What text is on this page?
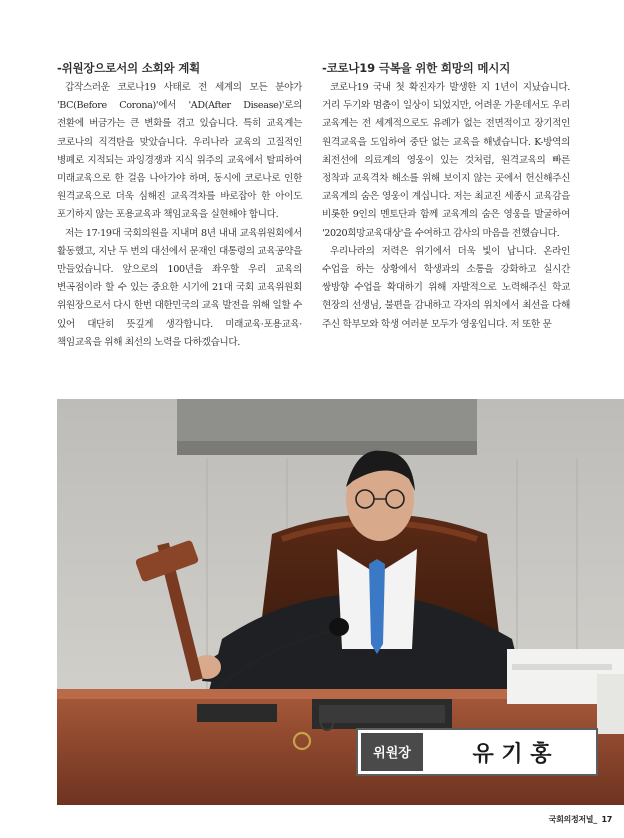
-위원장으로서의 소회와 계획

갑작스러운 코로나19 사태로 전 세계의 모든 분야가 'BC(Before Corona)'에서 'AD(After Disease)'로의 전환에 버금가는 큰 변화를 겪고 있습니다. 특히 교육계는 코로나의 직격탄을 맞았습니다. 우리나라 교육의 고질적인 병폐로 지적되는 과잉경쟁과 지식 위주의 교육에서 탈피하여 미래교육으로 한 걸음 나아가야 하며, 동시에 코로나로 인한 원격교육으로 더욱 심해진 교육격차를 바로잡아 한 아이도 포기하지 않는 포용교육과 책임교육을 실현해야 합니다.

저는 17·19대 국회의원을 지내며 8년 내내 교육위원회에서 활동했고, 지난 두 번의 대선에서 문재인 대통령의 교육공약을 만들었습니다. 앞으로의 100년을 좌우할 우리 교육의 변곡점이라 할 수 있는 중요한 시기에 21대 국회 교육위원회 위원장으로서 다시 한번 대한민국의 교육 발전을 위해 일할 수 있어 대단히 뜻깊게 생각합니다. 미래교육·포용교육·책임교육을 위해 최선의 노력을 다하겠습니다.

-코로나19 극복을 위한 희망의 메시지

코로나19 국내 첫 확진자가 발생한 지 1년이 지났습니다. 거리 두기와 멈춤이 일상이 되었지만, 어려운 가운데서도 우리 교육계는 전 세계적으로도 유례가 없는 전면적이고 장기적인 원격교육을 도입하여 중단 없는 교육을 해냈습니다. K-방역의 최전선에 의료계의 영웅이 있는 것처럼, 원격교육의 빠른 정착과 교육격차 해소를 위해 보이지 않는 곳에서 헌신해주신 교육계의 숨은 영웅이 계십니다. 저는 최교진 세종시 교육감을 비롯한 9인의 멘토단과 함께 교육계의 숨은 영웅을 발굴하여 '2020희망교육대상'을 수여하고 감사의 마음을 전했습니다.

우리나라의 저력은 위기에서 더욱 빛이 납니다. 온라인 수업을 하는 상황에서 학생과의 소통을 강화하고 실시간 쌍방향 수업을 확대하기 위해 자발적으로 노력해주신 학교 현장의 선생님, 불편을 감내하고 각자의 위치에서 최선을 다해 주신 학부모와 학생 여러분 모두가 영웅입니다. 저 또한 문

위원장	유 기 홍
국회의정저널_ 17
